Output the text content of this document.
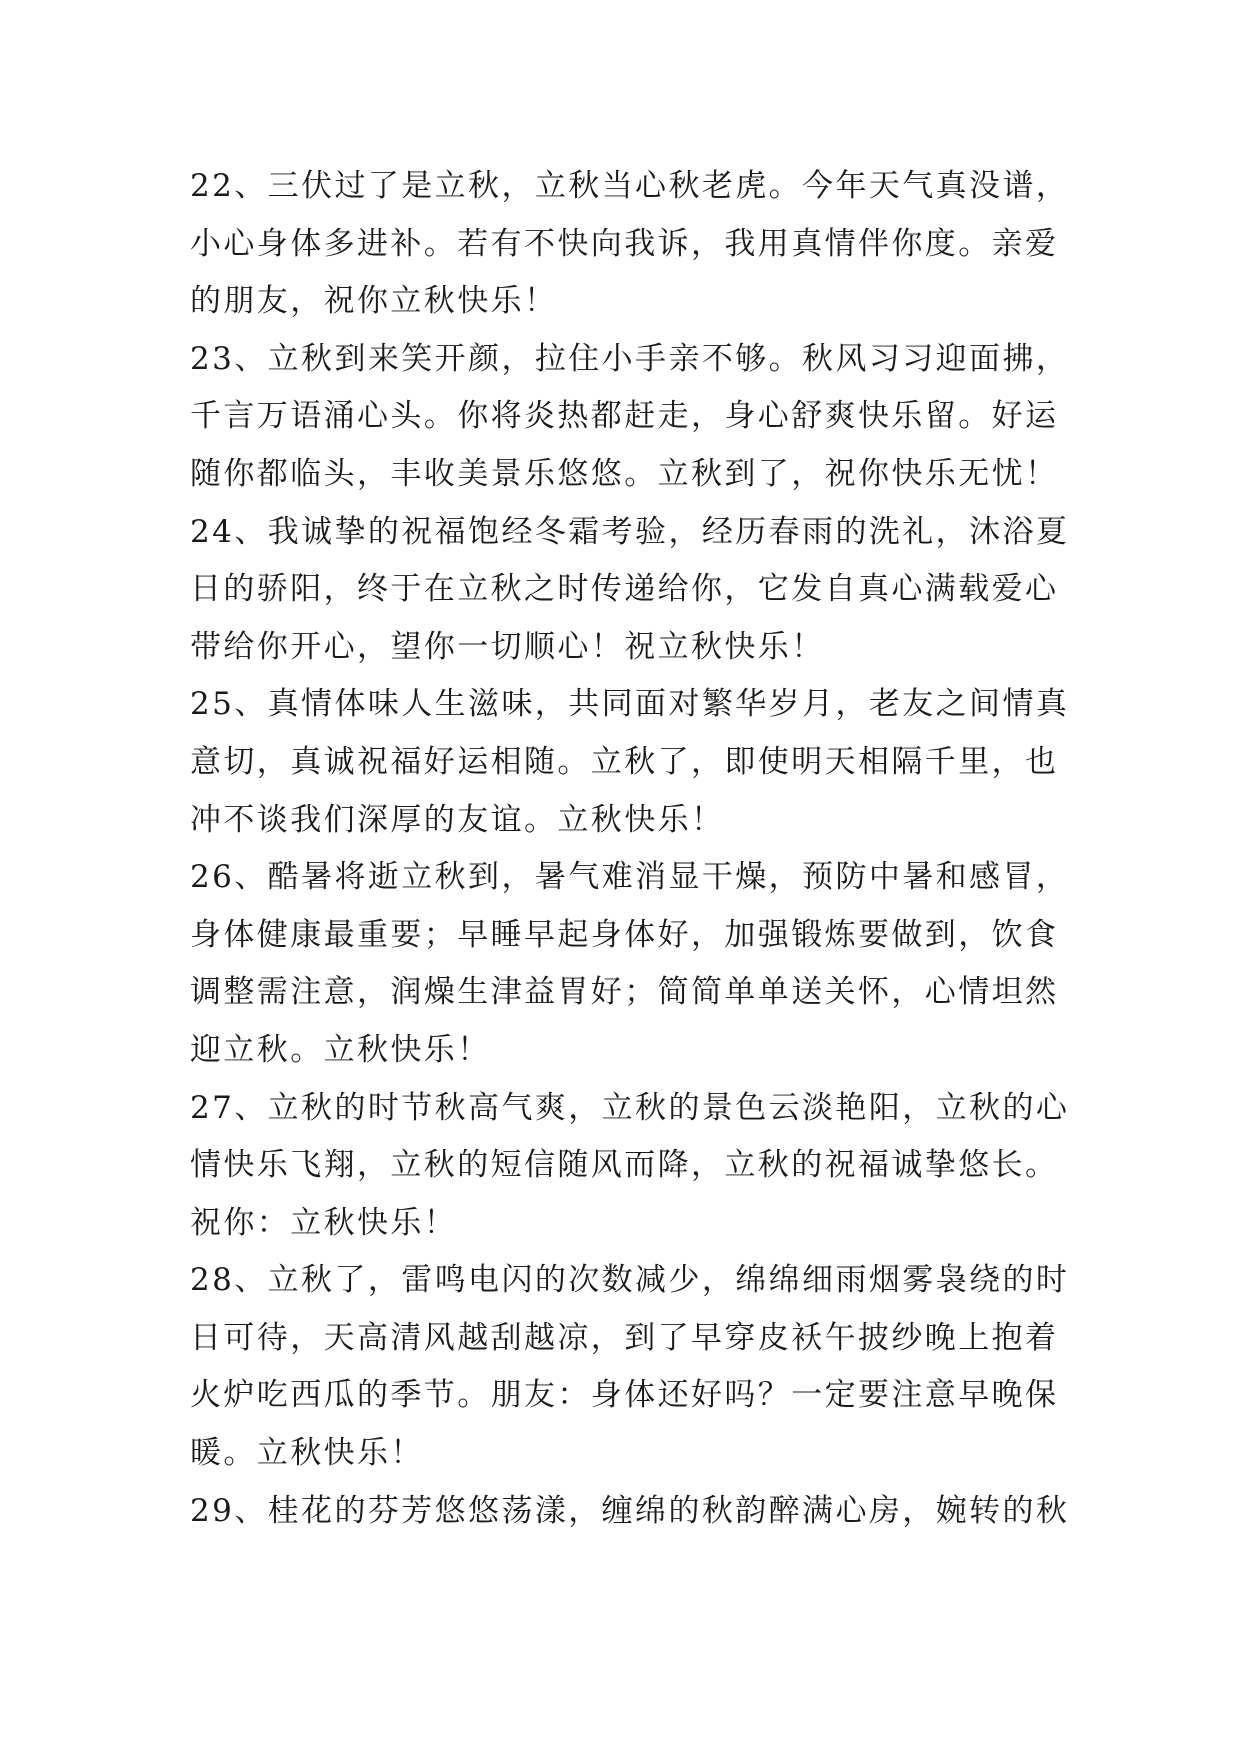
22、三伏过了是立秋，立秋当心秋老虎。今年天气真没谱，
小心身体多进补。若有不快向我诉，我用真情伴你度。亲爱
的朋友，祝你立秋快乐！
23、立秋到来笑开颜，拉住小手亲不够。秋风习习迎面拂，
千言万语涌心头。你将炎热都赶走，身心舒爽快乐留。好运
随你都临头，丰收美景乐悠悠。立秋到了，祝你快乐无忧！
24、我诚挚的祝福饱经冬霜考验，经历春雨的洗礼，沐浴夏
日的骄阳，终于在立秋之时传递给你，它发自真心满载爱心
带给你开心，望你一切顺心！祝立秋快乐！
25、真情体味人生滋味，共同面对繁华岁月，老友之间情真
意切，真诚祝福好运相随。立秋了，即使明天相隔千里，也
冲不谈我们深厚的友谊。立秋快乐！
26、酷暑将逝立秋到，暑气难消显干燥，预防中暑和感冒，
身体健康最重要；早睡早起身体好，加强锻炼要做到，饮食
调整需注意，润燥生津益胃好；简简单单送关怀，心情坦然
迎立秋。立秋快乐！
27、立秋的时节秋高气爽，立秋的景色云淡艳阳，立秋的心
情快乐飞翔，立秋的短信随风而降，立秋的祝福诚挚悠长。
祝你：立秋快乐！
28、立秋了，雷鸣电闪的次数减少，绵绵细雨烟雾袅绕的时
日可待，天高清风越刮越凉，到了早穿皮袄午披纱晚上抱着
火炉吃西瓜的季节。朋友：身体还好吗？一定要注意早晚保
暖。立秋快乐！
29、桂花的芬芳悠悠荡漾，缠绵的秋韵醉满心房，婉转的秋
